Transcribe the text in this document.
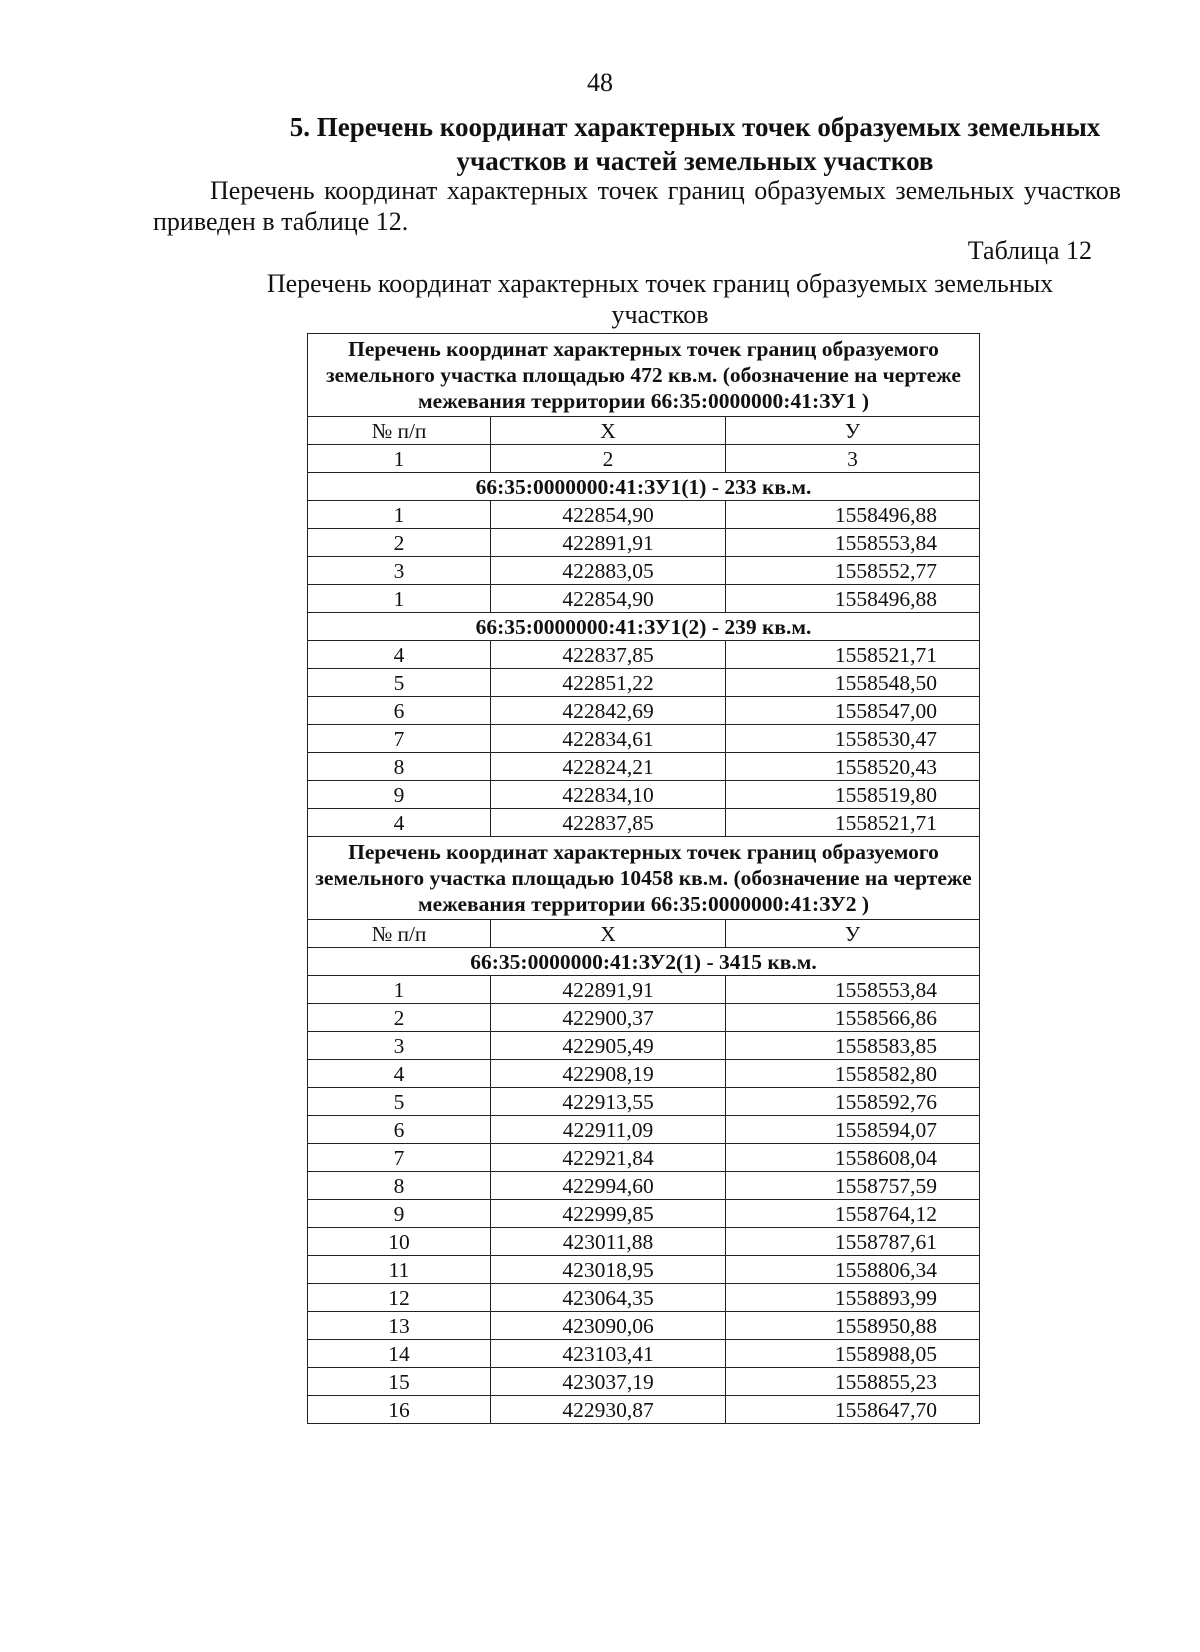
48
5. Перечень координат характерных точек образуемых земельных участков и частей земельных участков
Перечень координат характерных точек границ образуемых земельных участков приведен в таблице 12.
Таблица 12
Перечень координат характерных точек границ образуемых земельных участков
Перечень координат характерных точек границ образуемого земельного участка площадью 472 кв.м. (обозначение на чертеже межевания территории 66:35:0000000:41:ЗУ1 )		
№ п/п	Х	У
1	2	3
66:35:0000000:41:ЗУ1(1) - 233 кв.м.		
1	422854,90	1558496,88
2	422891,91	1558553,84
3	422883,05	1558552,77
1	422854,90	1558496,88
66:35:0000000:41:ЗУ1(2) - 239 кв.м.		
4	422837,85	1558521,71
5	422851,22	1558548,50
6	422842,69	1558547,00
7	422834,61	1558530,47
8	422824,21	1558520,43
9	422834,10	1558519,80
4	422837,85	1558521,71
Перечень координат характерных точек границ образуемого земельного участка площадью 10458 кв.м. (обозначение на чертеже межевания территории 66:35:0000000:41:ЗУ2 )		
№ п/п	Х	У
66:35:0000000:41:ЗУ2(1) - 3415 кв.м.		
1	422891,91	1558553,84
2	422900,37	1558566,86
3	422905,49	1558583,85
4	422908,19	1558582,80
5	422913,55	1558592,76
6	422911,09	1558594,07
7	422921,84	1558608,04
8	422994,60	1558757,59
9	422999,85	1558764,12
10	423011,88	1558787,61
11	423018,95	1558806,34
12	423064,35	1558893,99
13	423090,06	1558950,88
14	423103,41	1558988,05
15	423037,19	1558855,23
16	422930,87	1558647,70
